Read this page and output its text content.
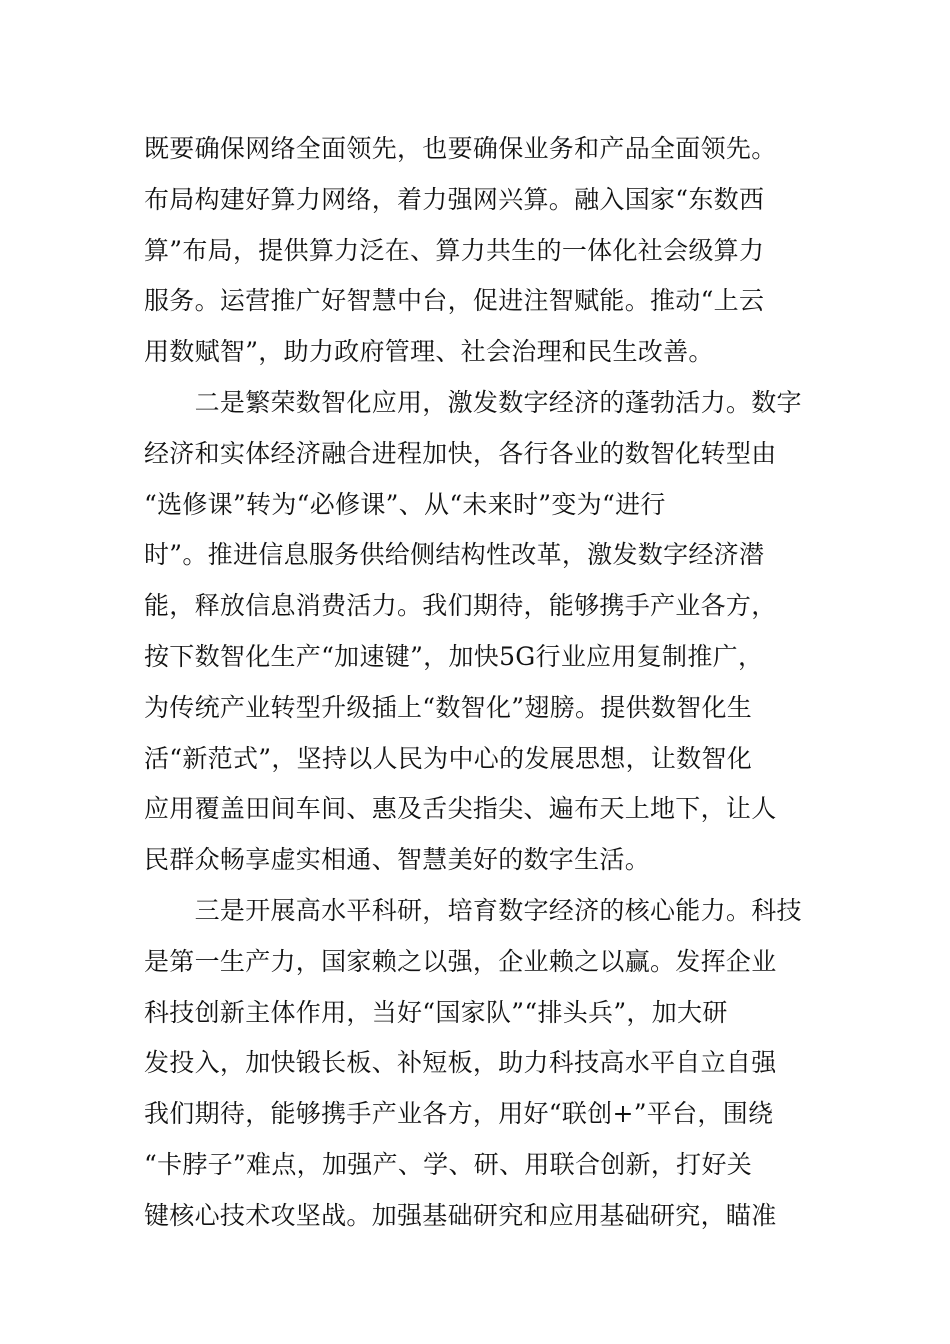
既要确保网络全面领先，也要确保业务和产品全面领先。
布局构建好算力网络，着力强网兴算。融入国家“东数西
算”布局，提供算力泛在、算力共生的一体化社会级算力
服务。运营推广好智慧中台，促进注智赋能。推动“上云
用数赋智”，助力政府管理、社会治理和民生改善。
　　二是繁荣数智化应用，激发数字经济的蓬勃活力。数字
经济和实体经济融合进程加快，各行各业的数智化转型由
“选修课”转为“必修课”、从“未来时”变为“进行
时”。推进信息服务供给侧结构性改革，激发数字经济潜
能，释放信息消费活力。我们期待，能够携手产业各方，
按下数智化生产“加速键”，加快5G行业应用复制推广，
为传统产业转型升级插上“数智化”翅膀。提供数智化生
活“新范式”，坚持以人民为中心的发展思想，让数智化
应用覆盖田间车间、惠及舌尖指尖、遍布天上地下，让人
民群众畅享虚实相通、智慧美好的数字生活。
　　三是开展高水平科研，培育数字经济的核心能力。科技
是第一生产力，国家赖之以强，企业赖之以赢。发挥企业
科技创新主体作用，当好“国家队”“排头兵”，加大研
发投入，加快锻长板、补短板，助力科技高水平自立自强
我们期待，能够携手产业各方，用好“联创+”平台，围绕
“卡脖子”难点，加强产、学、研、用联合创新，打好关
键核心技术攻坚战。加强基础研究和应用基础研究，瞄准
